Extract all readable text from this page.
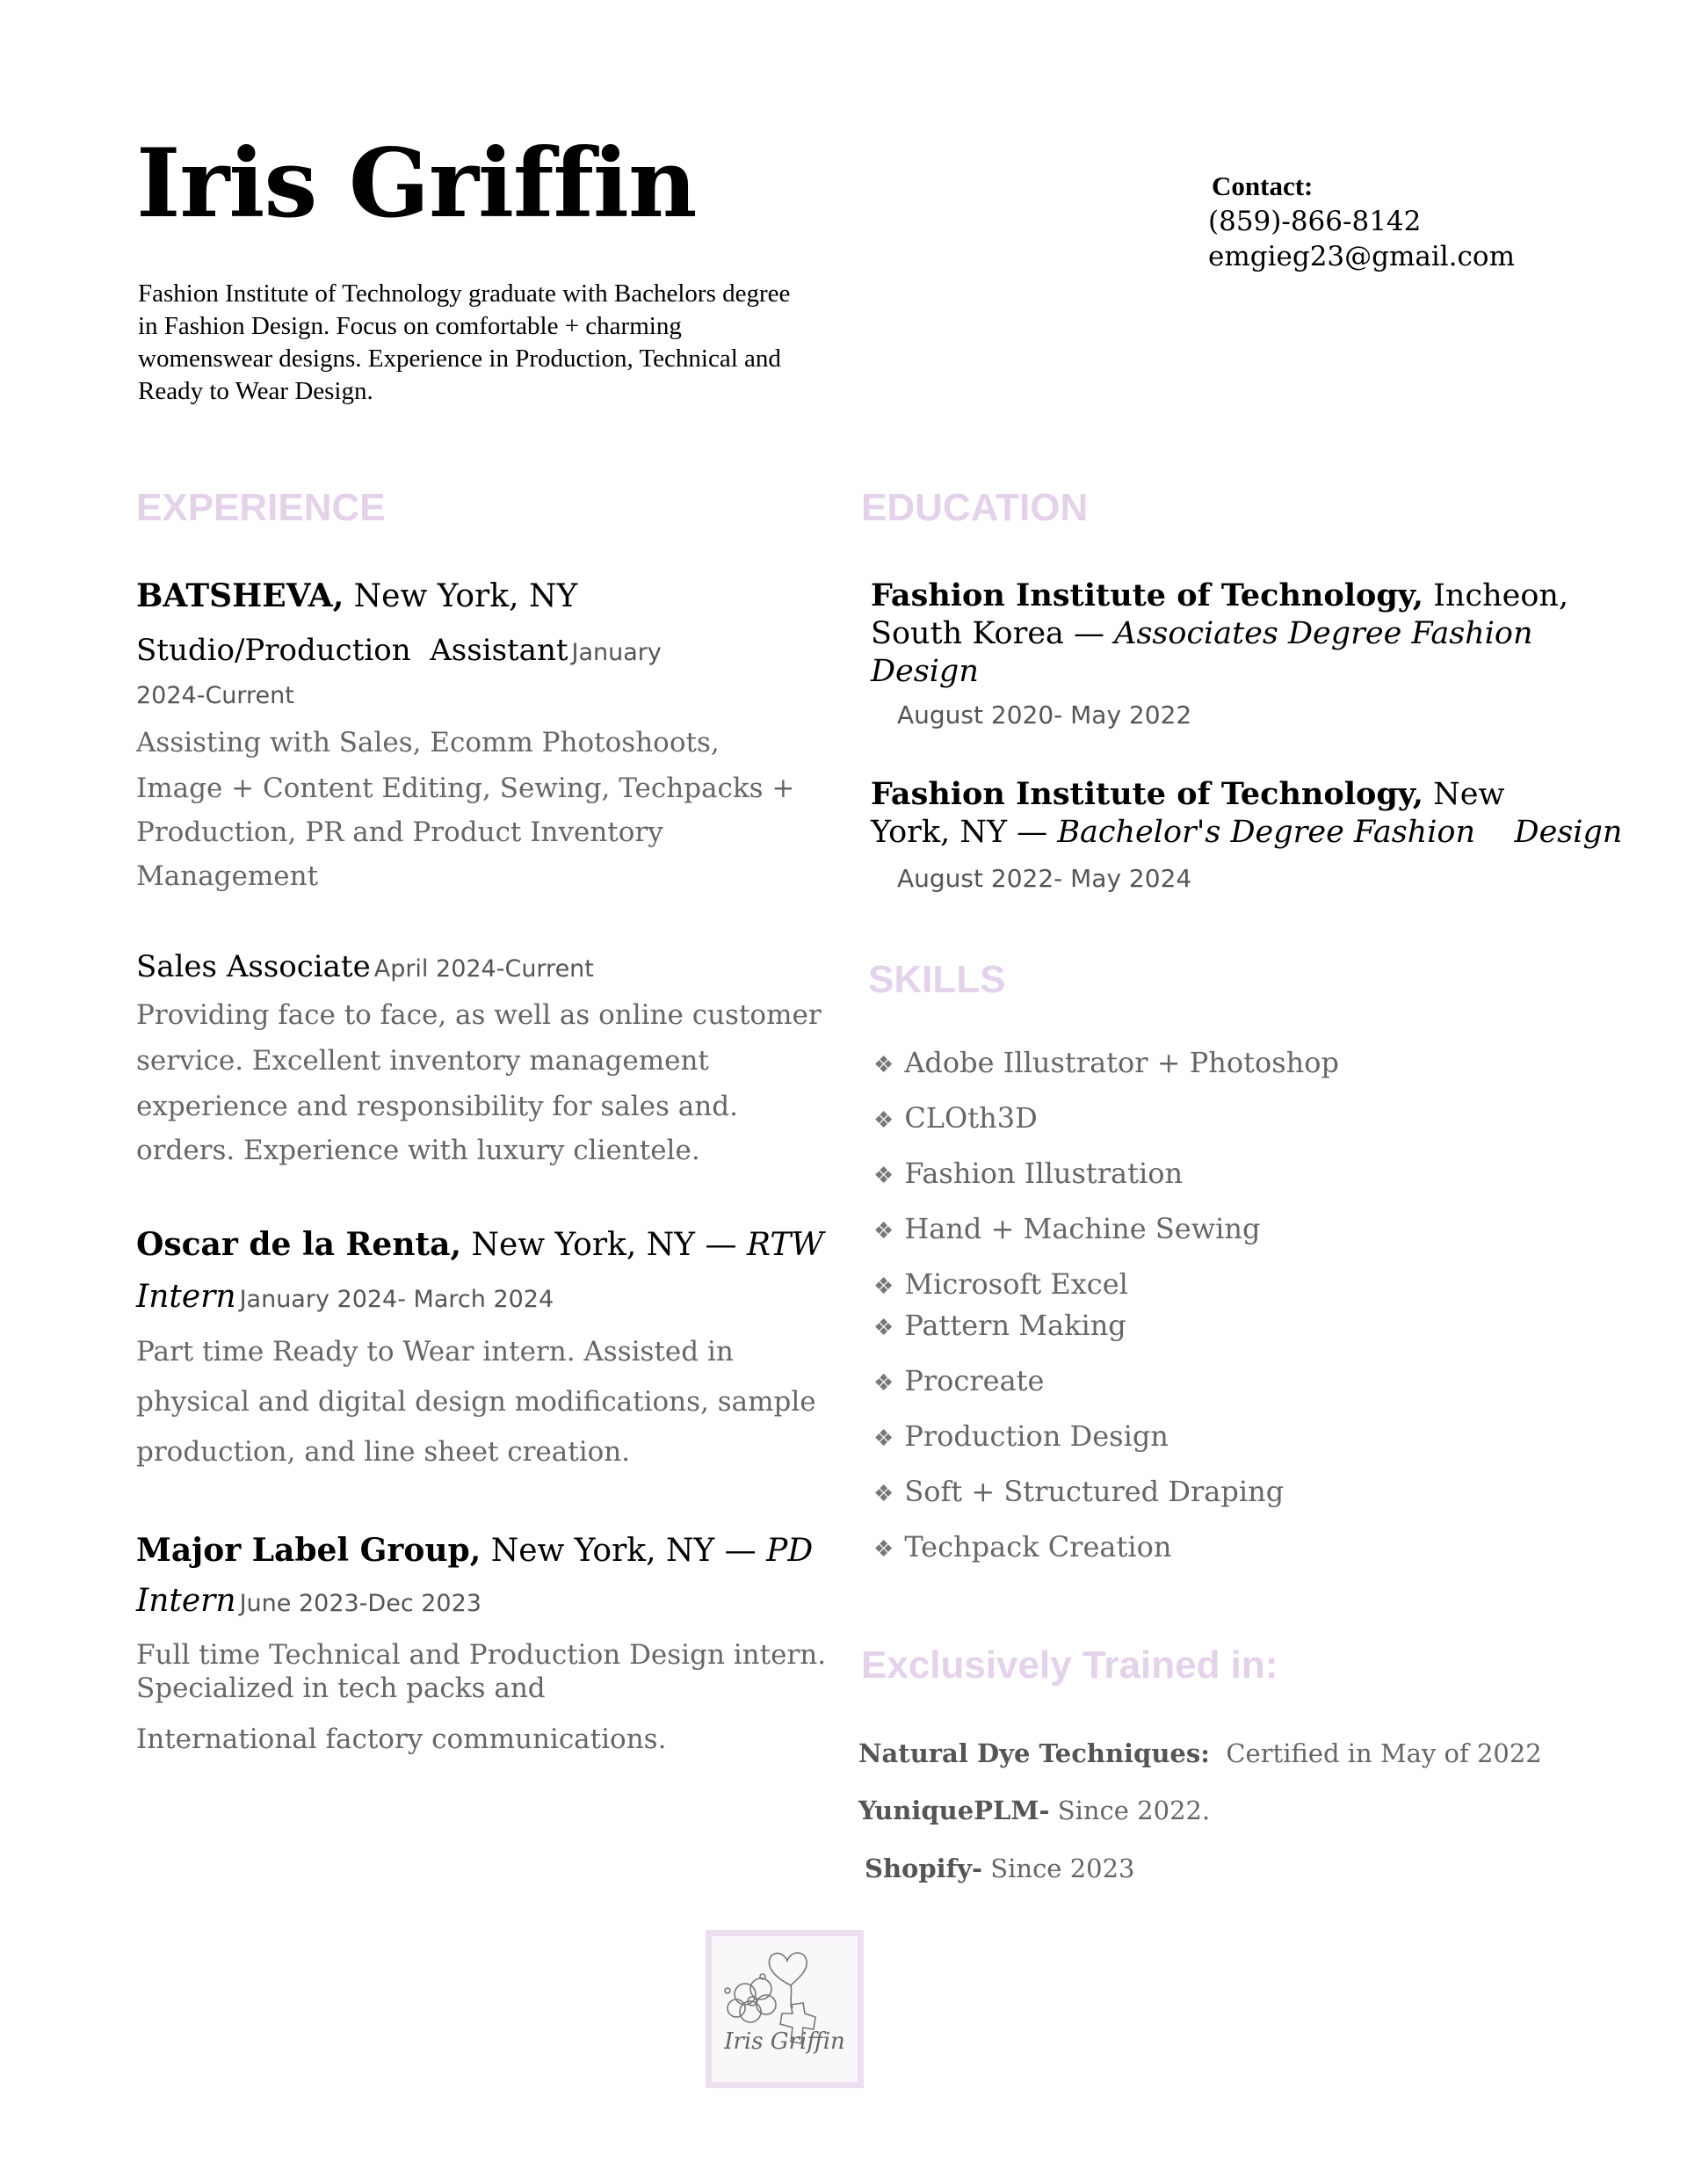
Iris Griffin
Fashion Institute of Technology graduate with Bachelors degree in Fashion Design. Focus on comfortable + charming womenswear designs. Experience in Production, Technical and Ready to Wear Design.
Contact:
(859)-866-8142
emgieg23@gmail.com
EXPERIENCE
BATSHEVA, New York, NY
Studio/Production  Assistant January
2024-Current
Assisting with Sales, Ecomm Photoshoots,
Image + Content Editing, Sewing, Techpacks +
Production, PR and Product Inventory
Management
Sales Associate April 2024-Current
Providing face to face, as well as online customer
service. Excellent inventory management
experience and responsibility for sales and.
orders. Experience with luxury clientele.
Oscar de la Renta, New York, NY — RTW
Intern January 2024- March 2024
Part time Ready to Wear intern. Assisted in
physical and digital design modifications, sample
production, and line sheet creation.
Major Label Group, New York, NY — PD
Intern June 2023-Dec 2023
Full time Technical and Production Design intern.
Specialized in tech packs and
International factory communications.
EDUCATION
Fashion Institute of Technology, Incheon,
South Korea — Associates Degree Fashion
Design
August 2020- May 2022
Fashion Institute of Technology, New
York, NY — Bachelor's Degree Fashion    Design
August 2022- May 2024
SKILLS
❖ Adobe Illustrator + Photoshop
❖ CLOth3D
❖ Fashion Illustration
❖ Hand + Machine Sewing
❖ Microsoft Excel
❖ Pattern Making
❖ Procreate
❖ Production Design
❖ Soft + Structured Draping
❖ Techpack Creation
Exclusively Trained in:
Natural Dye Techniques:  Certified in May of 2022
YuniquePLM- Since 2022.
Shopify- Since 2023
Iris Griffin
